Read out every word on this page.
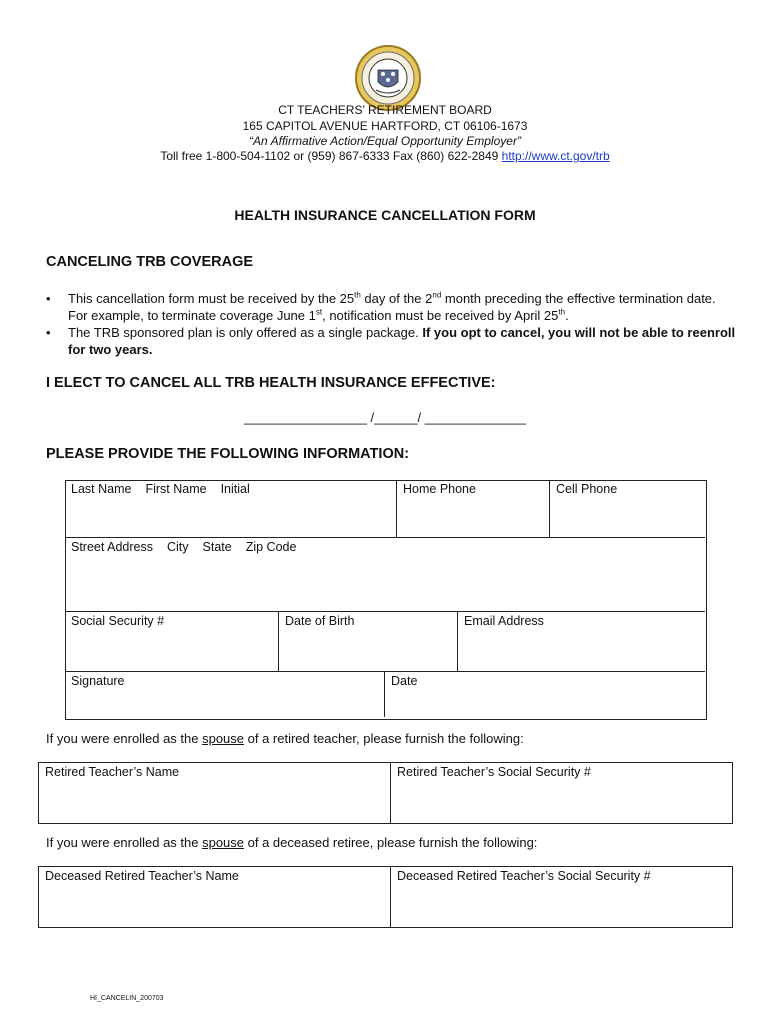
CT TEACHERS’ RETIREMENT BOARD
165 CAPITOL AVENUE HARTFORD, CT 06106-1673
“An Affirmative Action/Equal Opportunity Employer”
Toll free 1-800-504-1102 or (959) 867-6333 Fax (860) 622-2849 http://www.ct.gov/trb
HEALTH INSURANCE CANCELLATION FORM
CANCELING TRB COVERAGE
• This cancellation form must be received by the 25th day of the 2nd month preceding the effective termination date. For example, to terminate coverage June 1st, notification must be received by April 25th.
• The TRB sponsored plan is only offered as a single package. If you opt to cancel, you will not be able to reenroll for two years.
I ELECT TO CANCEL ALL TRB HEALTH INSURANCE EFFECTIVE:
_________________ /______/ ______________
PLEASE PROVIDE THE FOLLOWING INFORMATION:
Last Name First Name Initial	Home Phone	Cell Phone
Street Address City State Zip Code
Social Security #	Date of Birth	Email Address
Signature	Date
If you were enrolled as the spouse of a retired teacher, please furnish the following:
Retired Teacher’s Name	Retired Teacher’s Social Security #
If you were enrolled as the spouse of a deceased retiree, please furnish the following:
Deceased Retired Teacher’s Name	Deceased Retired Teacher’s Social Security #
HI_CANCELIN_200703
